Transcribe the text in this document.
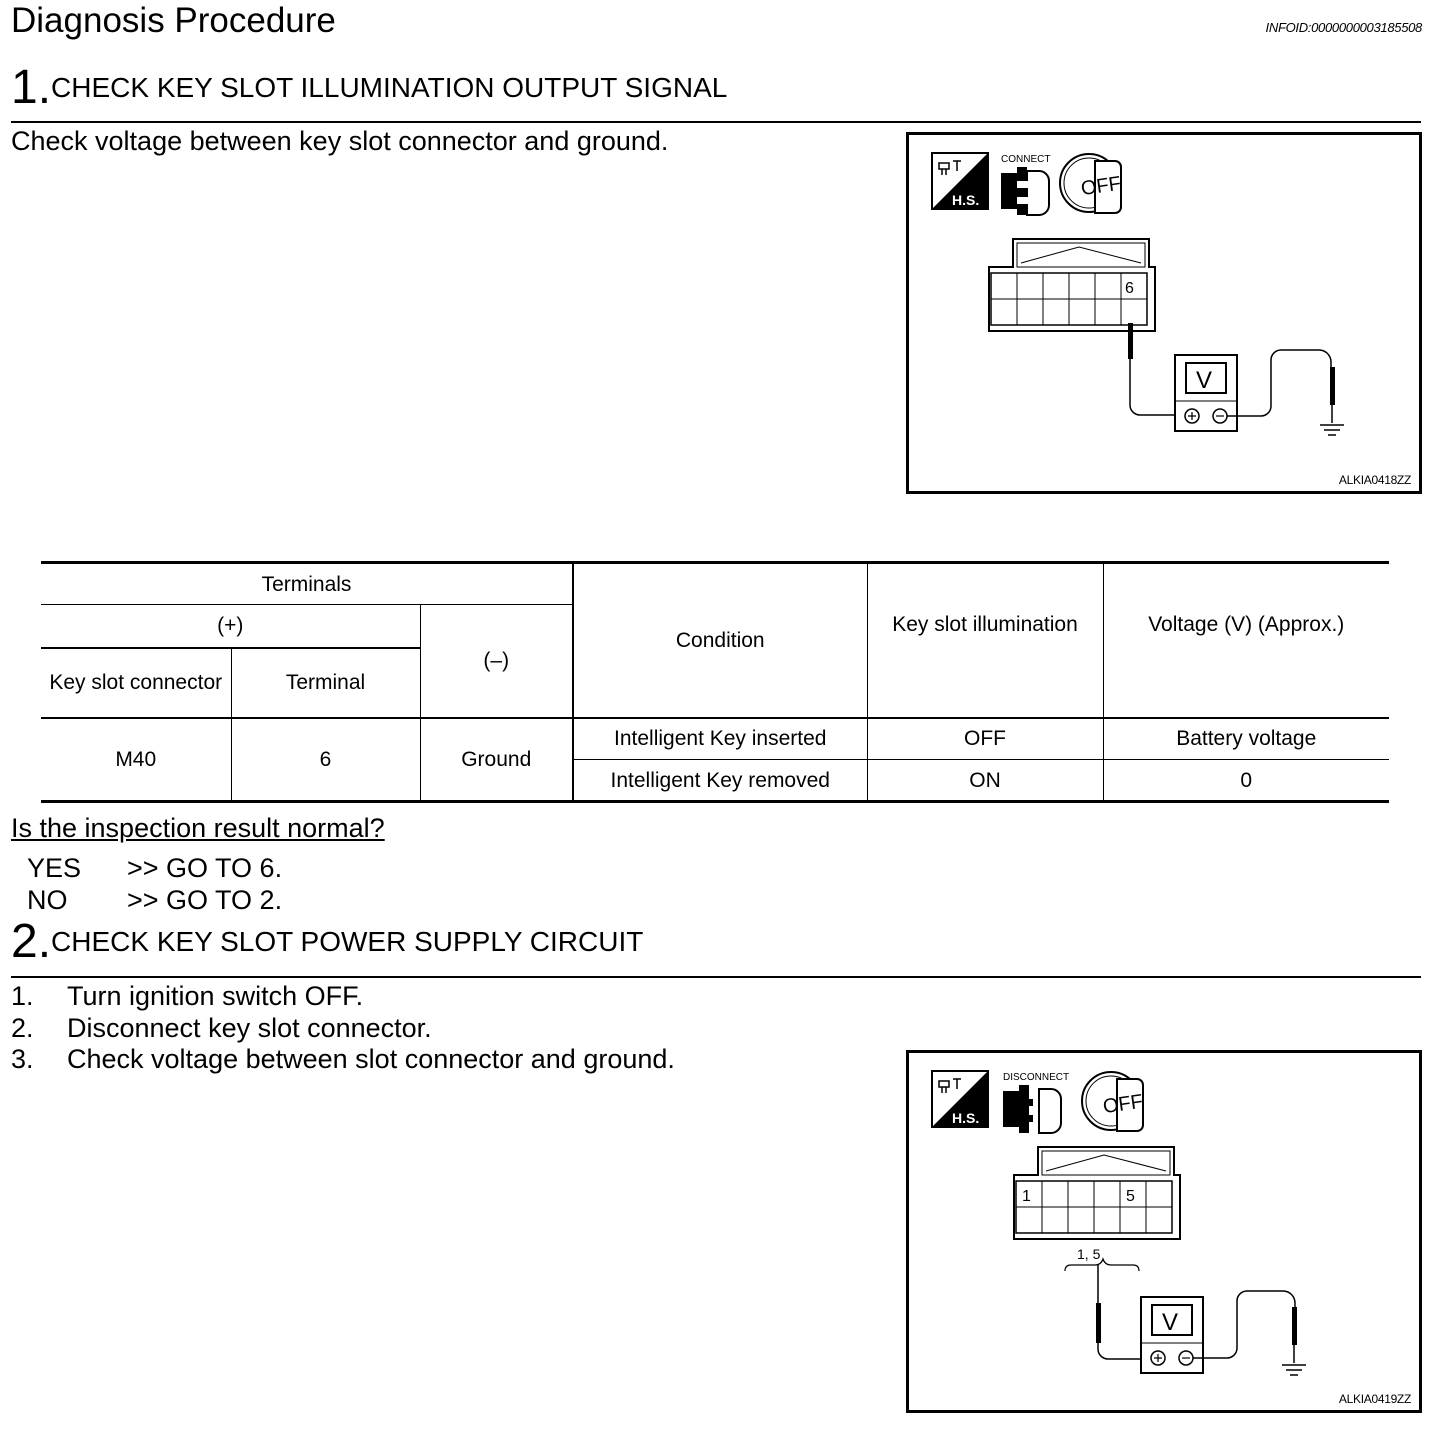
Diagnosis Procedure	INFOID:0000000003185508
1.CHECK KEY SLOT ILLUMINATION OUTPUT SIGNAL
Check voltage between key slot connector and ground.
H.S.
CONNECT
OFF
6
V
ALKIA0418ZZ
Terminals			Condition	Key slot illumination	Voltage (V) (Approx.)
(+)		(–)			
Key slot connector	Terminal				
M40	6	Ground	Intelligent Key inserted	OFF	Battery voltage
			Intelligent Key removed	ON	0
Is the inspection result normal?
YES >> GO TO 6.
NO >> GO TO 2.
2.CHECK KEY SLOT POWER SUPPLY CIRCUIT
1. Turn ignition switch OFF.
2. Disconnect key slot connector.
3. Check voltage between slot connector and ground.
H.S.
DISCONNECT
OFF
1	5
1, 5
V
ALKIA0419ZZ
